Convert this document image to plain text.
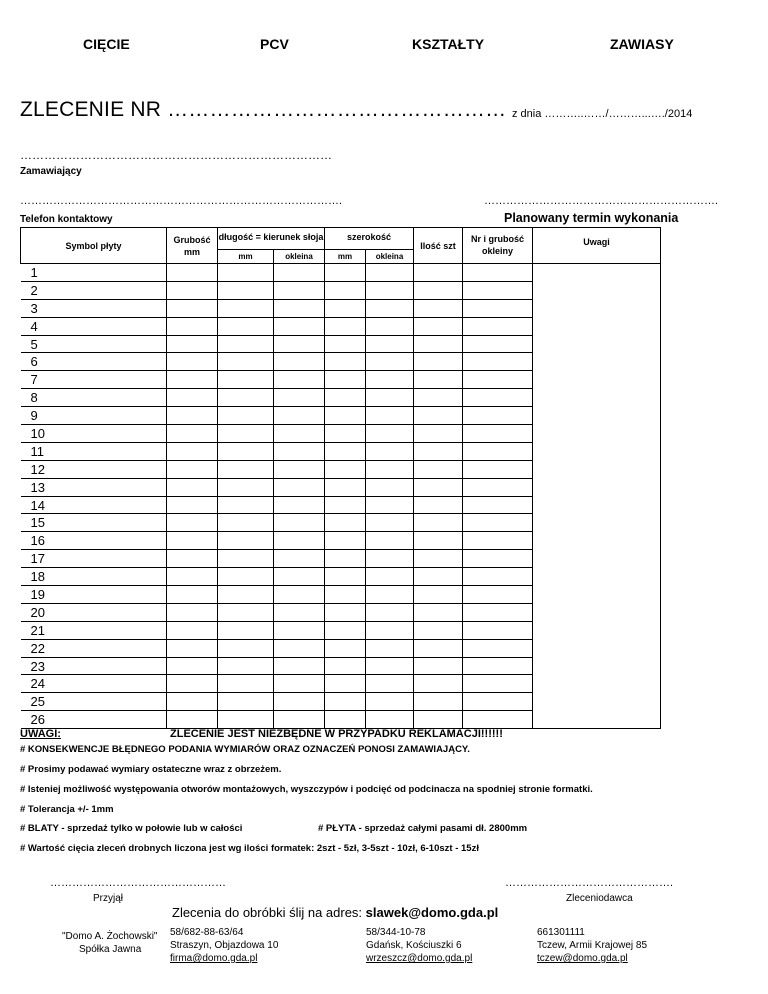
CIĘCIE	PCV	KSZTAŁTY	ZAWIASY
ZLECENIE NR ………………………………………… z dnia ………..……/………...…./2014
……………………………………………………………………
Zamawiający
…………………………………………………………………………….	……………………………………………………….
Telefon kontaktowy	Planowany termin wykonania
Symbol płyty	Grubość mm	długość = kierunek słoja		szerokość		Ilość szt	Nr i grubość okleiny	Uwagi
		mm	okleina	mm	okleina			
1								
2								
3								
4								
5								
6								
7								
8								
9								
10								
11								
12								
13								
14								
15								
16								
17								
18								
19								
20								
21								
22								
23								
24								
25								
26								
UWAGI:	ZLECENIE JEST NIEZBĘDNE W PRZYPADKU REKLAMACJI!!!!!!
# KONSEKWENCJE BŁĘDNEGO PODANIA WYMIARÓW ORAZ OZNACZEŃ PONOSI ZAMAWIAJĄCY.
# Prosimy podawać wymiary ostateczne wraz z obrzeżem.
# Isteniej możliwość występowania otworów montażowych, wyszczypów i podcięć od podcinacza na spodniej stronie formatki.
# Tolerancja +/- 1mm
# BLATY - sprzedaż tylko w połowie lub w całości	# PŁYTA - sprzedaż całymi pasami dł. 2800mm
# Wartość cięcia zleceń drobnych liczona jest wg ilości formatek: 2szt - 5zł, 3-5szt - 10zł, 6-10szt - 15zł
…………………………………………	……………………………………….
Przyjął	Zleceniodawca
Zlecenia do obróbki ślij na adres: slawek@domo.gda.pl
"Domo A. Żochowski"
Spółka Jawna
58/682-88-63/64
Straszyn, Objazdowa 10
firma@domo.gda.pl
58/344-10-78
Gdańsk, Kościuszki 6
wrzeszcz@domo.gda.pl
661301111
Tczew, Armii Krajowej 85
tczew@domo.gda.pl
